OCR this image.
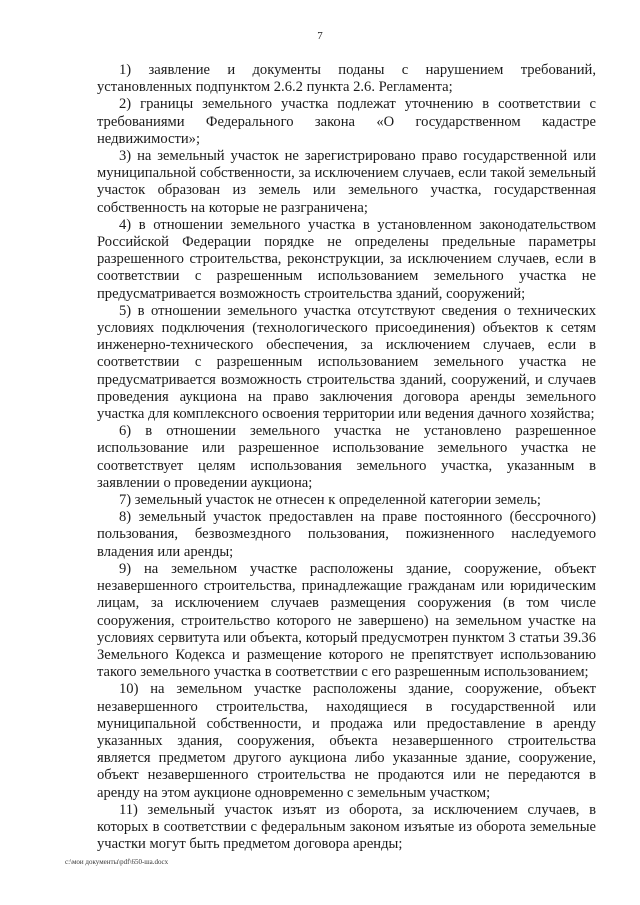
7

1) заявление и документы поданы с нарушением требований, установленных подпунктом 2.6.2 пункта 2.6. Регламента;

2) границы земельного участка подлежат уточнению в соответствии с требованиями Федерального закона «О государственном кадастре недвижимости»;

3) на земельный участок не зарегистрировано право государственной или муниципальной собственности, за исключением случаев, если такой земельный участок образован из земель или земельного участка, государственная собственность на которые не разграничена;

4) в отношении земельного участка в установленном законодательством Российской Федерации порядке не определены предельные параметры разрешенного строительства, реконструкции, за исключением случаев, если в соответствии с разрешенным использованием земельного участка не предусматривается возможность строительства зданий, сооружений;

5) в отношении земельного участка отсутствуют сведения о технических условиях подключения (технологического присоединения) объектов к сетям инженерно-технического обеспечения, за исключением случаев, если в соответствии с разрешенным использованием земельного участка не предусматривается возможность строительства зданий, сооружений, и случаев проведения аукциона на право заключения договора аренды земельного участка для комплексного освоения территории или ведения дачного хозяйства;

6) в отношении земельного участка не установлено разрешенное использование или разрешенное использование земельного участка не соответствует целям использования земельного участка, указанным в заявлении о проведении аукциона;

7) земельный участок не отнесен к определенной категории земель;

8) земельный участок предоставлен на праве постоянного (бессрочного) пользования, безвозмездного пользования, пожизненного наследуемого владения или аренды;

9) на земельном участке расположены здание, сооружение, объект незавершенного строительства, принадлежащие гражданам или юридическим лицам, за исключением случаев размещения сооружения (в том числе сооружения, строительство которого не завершено) на земельном участке на условиях сервитута или объекта, который предусмотрен пунктом 3 статьи 39.36 Земельного Кодекса и размещение которого не препятствует использованию такого земельного участка в соответствии с его разрешенным использованием;

10) на земельном участке расположены здание, сооружение, объект незавершенного строительства, находящиеся в государственной или муниципальной собственности, и продажа или предоставление в аренду указанных здания, сооружения, объекта незавершенного строительства является предметом другого аукциона либо указанные здание, сооружение, объект незавершенного строительства не продаются или не передаются в аренду на этом аукционе одновременно с земельным участком;

11) земельный участок изъят из оборота, за исключением случаев, в которых в соответствии с федеральным законом изъятые из оборота земельные участки могут быть предметом договора аренды;

c:\мои документы\pdf\650-ша.docx
